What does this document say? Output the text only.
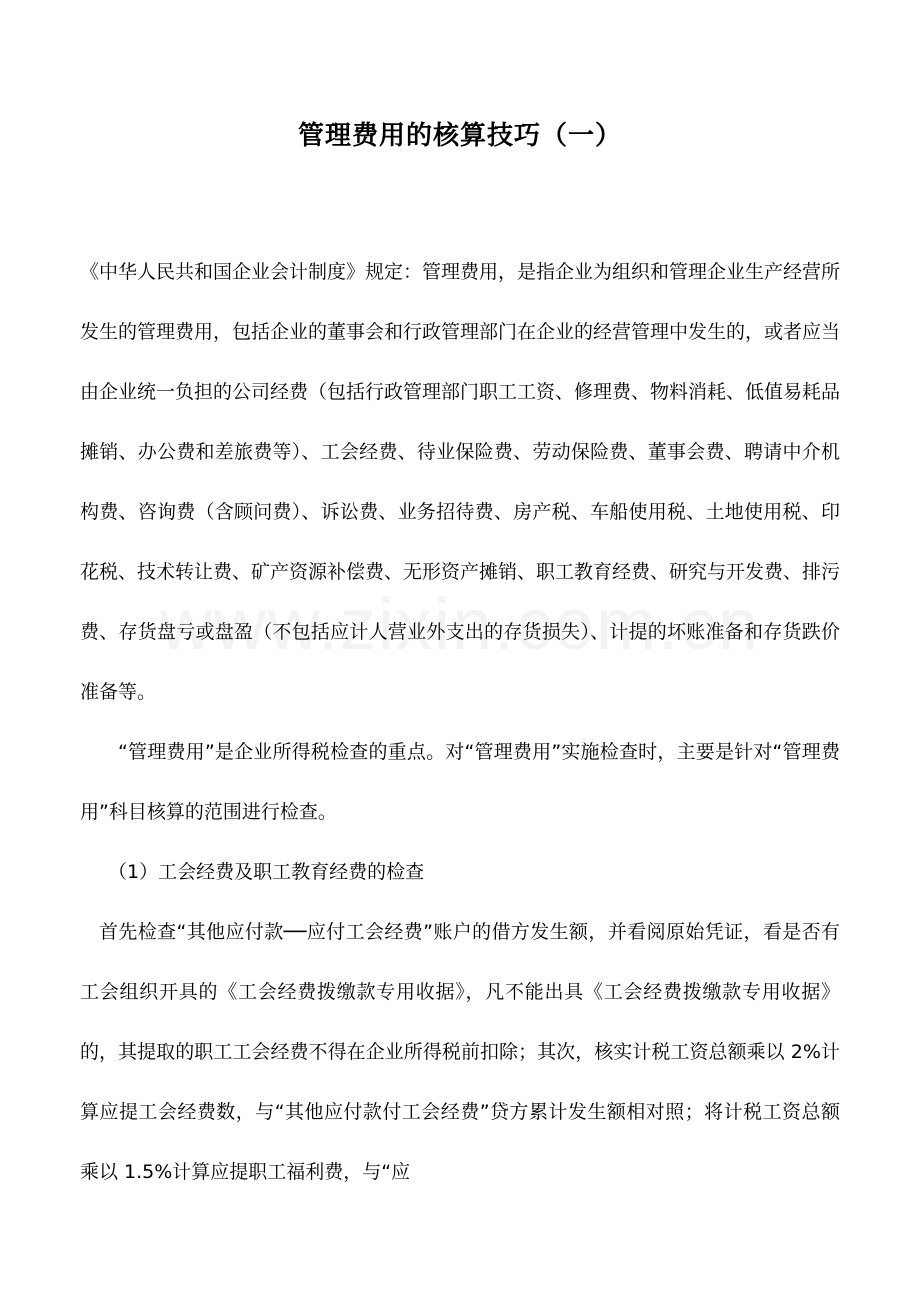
管理费用的核算技巧（一）
《中华人民共和国企业会计制度》规定：管理费用，是指企业为组织和管理企业生产经营所发生的管理费用，包括企业的董事会和行政管理部门在企业的经营管理中发生的，或者应当由企业统一负担的公司经费（包括行政管理部门职工工资、修理费、物料消耗、低值易耗品摊销、办公费和差旅费等）、工会经费、待业保险费、劳动保险费、董事会费、聘请中介机构费、咨询费（含顾问费）、诉讼费、业务招待费、房产税、车船使用税、土地使用税、印花税、技术转让费、矿产资源补偿费、无形资产摊销、职工教育经费、研究与开发费、排污费、存货盘亏或盘盈（不包括应计人营业外支出的存货损失）、计提的坏账准备和存货跌价准备等。
“管理费用”是企业所得税检查的重点。对“管理费用”实施检查时，主要是针对“管理费用”科目核算的范围进行检查。
（1）工会经费及职工教育经费的检查
首先检查“其他应付款──应付工会经费”账户的借方发生额，并看阅原始凭证，看是否有工会组织开具的《工会经费拨缴款专用收据》，凡不能出具《工会经费拨缴款专用收据》的，其提取的职工工会经费不得在企业所得税前扣除；其次，核实计税工资总额乘以 2%计算应提工会经费数，与“其他应付款付工会经费”贷方累计发生额相对照；将计税工资总额乘以 1.5%计算应提职工福利费，与“应
